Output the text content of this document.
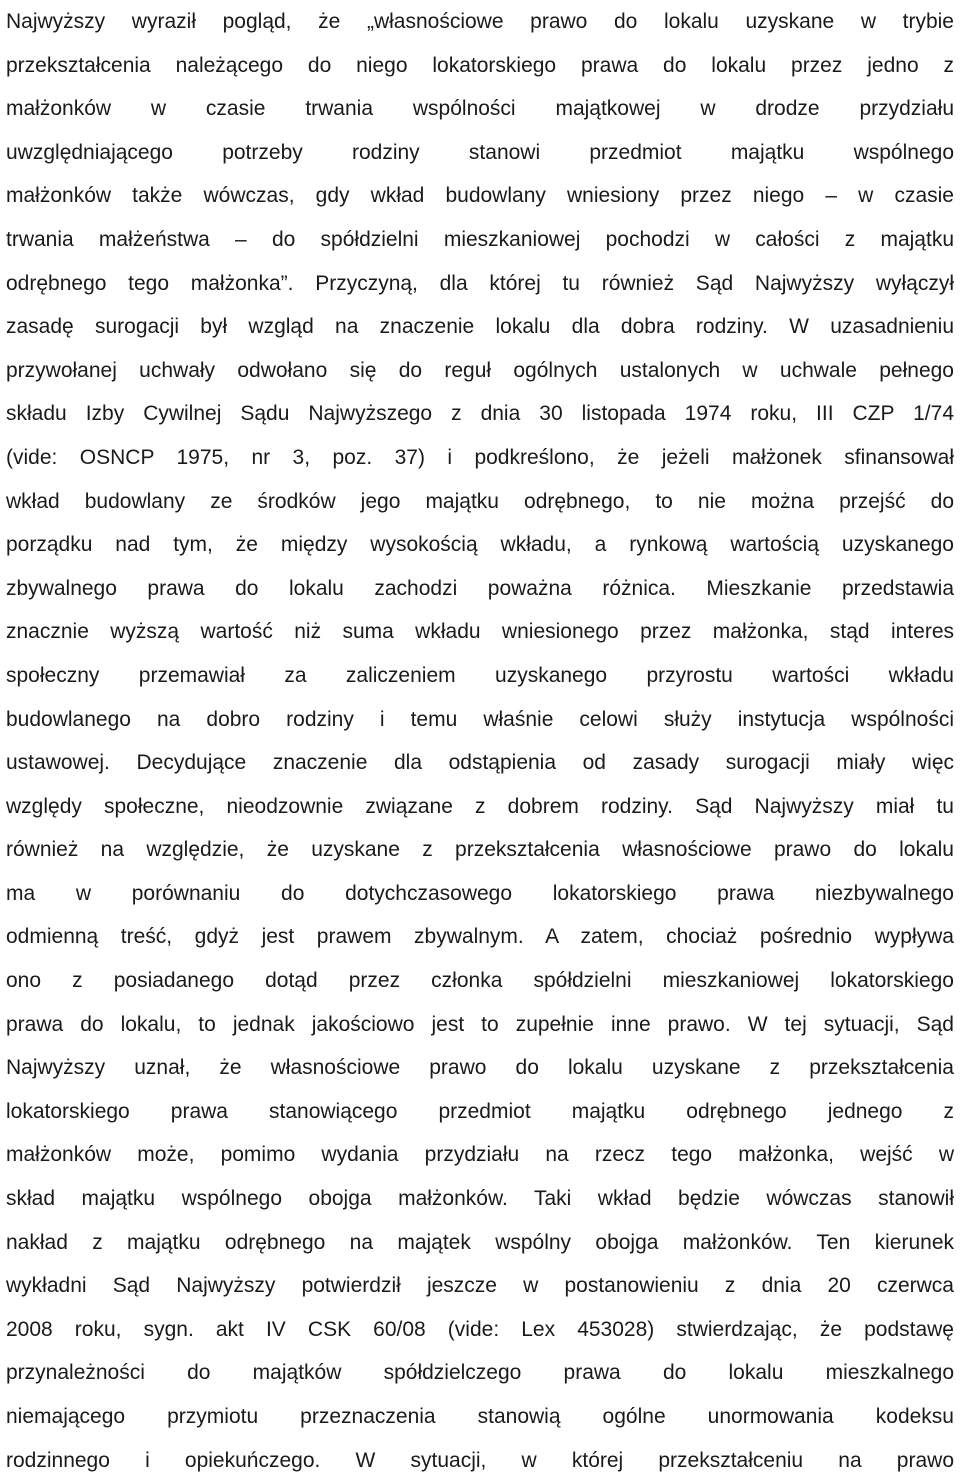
Najwyższy wyraził pogląd, że „własnościowe prawo do lokalu uzyskane w trybie
przekształcenia należącego do niego lokatorskiego prawa do lokalu przez jedno z
małżonków w czasie trwania wspólności majątkowej w drodze przydziału
uwzględniającego potrzeby rodziny stanowi przedmiot majątku wspólnego
małżonków także wówczas, gdy wkład budowlany wniesiony przez niego – w czasie
trwania małżeństwa – do spółdzielni mieszkaniowej pochodzi w całości z majątku
odrębnego tego małżonka”. Przyczyną, dla której tu również Sąd Najwyższy wyłączył
zasadę surogacji był wzgląd na znaczenie lokalu dla dobra rodziny. W uzasadnieniu
przywołanej uchwały odwołano się do reguł ogólnych ustalonych w uchwale pełnego
składu Izby Cywilnej Sądu Najwyższego z dnia 30 listopada 1974 roku, III CZP 1/74
(vide: OSNCP 1975, nr 3, poz. 37) i podkreślono, że jeżeli małżonek sfinansował
wkład budowlany ze środków jego majątku odrębnego, to nie można przejść do
porządku nad tym, że między wysokością wkładu, a rynkową wartością uzyskanego
zbywalnego prawa do lokalu zachodzi poważna różnica. Mieszkanie przedstawia
znacznie wyższą wartość niż suma wkładu wniesionego przez małżonka, stąd interes
społeczny przemawiał za zaliczeniem uzyskanego przyrostu wartości wkładu
budowlanego na dobro rodziny i temu właśnie celowi służy instytucja wspólności
ustawowej. Decydujące znaczenie dla odstąpienia od zasady surogacji miały więc
względy społeczne, nieodzownie związane z dobrem rodziny. Sąd Najwyższy miał tu
również na względzie, że uzyskane z przekształcenia własnościowe prawo do lokalu
ma w porównaniu do dotychczasowego lokatorskiego prawa niezbywalnego
odmienną treść, gdyż jest prawem zbywalnym. A zatem, chociaż pośrednio wypływa
ono z posiadanego dotąd przez członka spółdzielni mieszkaniowej lokatorskiego
prawa do lokalu, to jednak jakościowo jest to zupełnie inne prawo. W tej sytuacji, Sąd
Najwyższy uznał, że własnościowe prawo do lokalu uzyskane z przekształcenia
lokatorskiego prawa stanowiącego przedmiot majątku odrębnego jednego z
małżonków może, pomimo wydania przydziału na rzecz tego małżonka, wejść w
skład majątku wspólnego obojga małżonków. Taki wkład będzie wówczas stanowił
nakład z majątku odrębnego na majątek wspólny obojga małżonków. Ten kierunek
wykładni Sąd Najwyższy potwierdził jeszcze w postanowieniu z dnia 20 czerwca
2008 roku, sygn. akt IV CSK 60/08 (vide: Lex 453028) stwierdzając, że podstawę
przynależności do majątków spółdzielczego prawa do lokalu mieszkalnego
niemającego przymiotu przeznaczenia stanowią ogólne unormowania kodeksu
rodzinnego i opiekuńczego. W sytuacji, w której przekształceniu na prawo
